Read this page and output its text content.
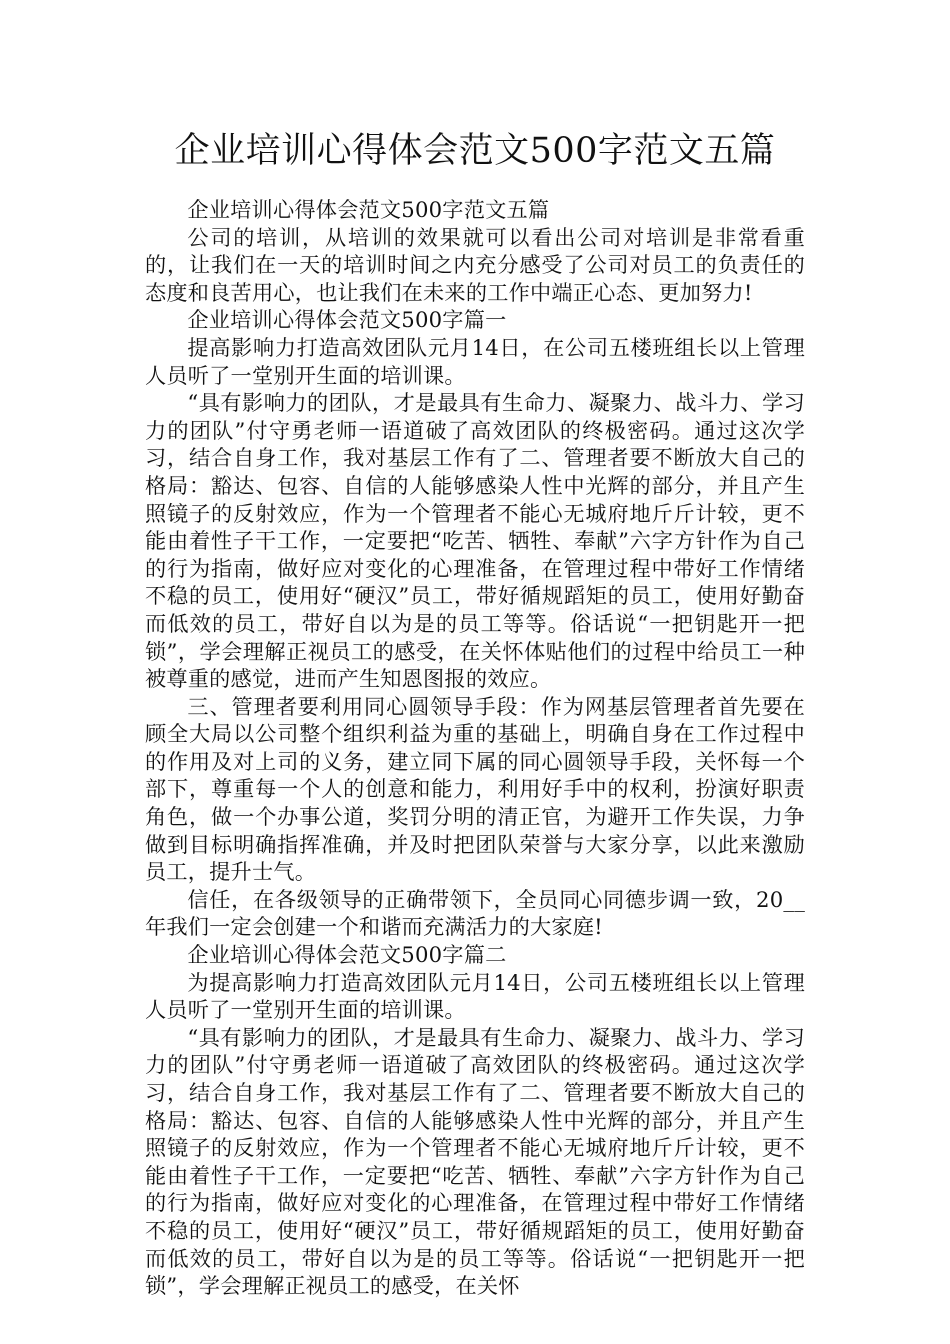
企业培训心得体会范文500字范文五篇

企业培训心得体会范文500字范文五篇

公司的培训，从培训的效果就可以看出公司对培训是非常看重的，让我们在一天的培训时间之内充分感受了公司对员工的负责任的态度和良苦用心，也让我们在未来的工作中端正心态、更加努力!

企业培训心得体会范文500字篇一

提高影响力打造高效团队元月14日，在公司五楼班组长以上管理人员听了一堂别开生面的培训课。

“具有影响力的团队，才是最具有生命力、凝聚力、战斗力、学习力的团队”付守勇老师一语道破了高效团队的终极密码。通过这次学习，结合自身工作，我对基层工作有了二、管理者要不断放大自己的格局：豁达、包容、自信的人能够感染人性中光辉的部分，并且产生照镜子的反射效应，作为一个管理者不能心无城府地斤斤计较，更不能由着性子干工作，一定要把“吃苦、牺牲、奉献”六字方针作为自己的行为指南，做好应对变化的心理准备，在管理过程中带好工作情绪不稳的员工，使用好“硬汉”员工，带好循规蹈矩的员工，使用好勤奋而低效的员工，带好自以为是的员工等等。俗话说“一把钥匙开一把锁”，学会理解正视员工的感受，在关怀体贴他们的过程中给员工一种被尊重的感觉，进而产生知恩图报的效应。

三、管理者要利用同心圆领导手段：作为网基层管理者首先要在顾全大局以公司整个组织利益为重的基础上，明确自身在工作过程中的作用及对上司的义务，建立同下属的同心圆领导手段，关怀每一个部下，尊重每一个人的创意和能力，利用好手中的权利，扮演好职责角色，做一个办事公道，奖罚分明的清正官，为避开工作失误，力争做到目标明确指挥准确，并及时把团队荣誉与大家分享，以此来激励员工，提升士气。

信任，在各级领导的正确带领下，全员同心同德步调一致，20__年我们一定会创建一个和谐而充满活力的大家庭!

企业培训心得体会范文500字篇二

为提高影响力打造高效团队元月14日，公司五楼班组长以上管理人员听了一堂别开生面的培训课。

“具有影响力的团队，才是最具有生命力、凝聚力、战斗力、学习力的团队”付守勇老师一语道破了高效团队的终极密码。通过这次学习，结合自身工作，我对基层工作有了二、管理者要不断放大自己的格局：豁达、包容、自信的人能够感染人性中光辉的部分，并且产生照镜子的反射效应，作为一个管理者不能心无城府地斤斤计较，更不能由着性子干工作，一定要把“吃苦、牺牲、奉献”六字方针作为自己的行为指南，做好应对变化的心理准备，在管理过程中带好工作情绪不稳的员工，使用好“硬汉”员工，带好循规蹈矩的员工，使用好勤奋而低效的员工，带好自以为是的员工等等。俗话说“一把钥匙开一把锁”，学会理解正视员工的感受，在关怀
